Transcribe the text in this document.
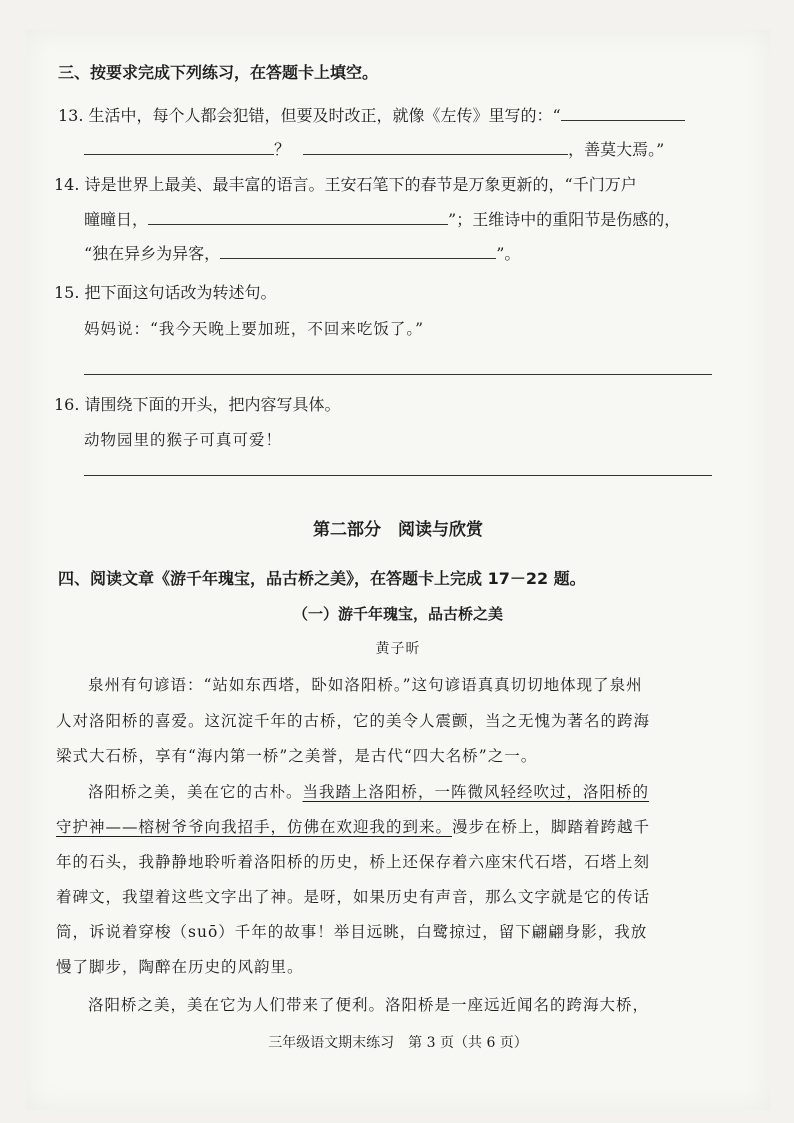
三、按要求完成下列练习，在答题卡上填空。
13. 生活中，每个人都会犯错，但要及时改正，就像《左传》里写的：“
？	，善莫大焉。”
14. 诗是世界上最美、最丰富的语言。王安石笔下的春节是万象更新的，“千门万户
曈曈日，	”；王维诗中的重阳节是伤感的，
“独在异乡为异客，	”。
15. 把下面这句话改为转述句。
妈妈说：“我今天晚上要加班，不回来吃饭了。”
16. 请围绕下面的开头，把内容写具体。
动物园里的猴子可真可爱！
第二部分　阅读与欣赏
四、阅读文章《游千年瑰宝，品古桥之美》，在答题卡上完成 17－22 题。
（一）游千年瑰宝，品古桥之美
黄子昕
泉州有句谚语：“站如东西塔，卧如洛阳桥。”这句谚语真真切切地体现了泉州
人对洛阳桥的喜爱。这沉淀千年的古桥，它的美令人震颤，当之无愧为著名的跨海
梁式大石桥，享有“海内第一桥”之美誉，是古代“四大名桥”之一。
洛阳桥之美，美在它的古朴。当我踏上洛阳桥，一阵微风轻经吹过，洛阳桥的
守护神——榕树爷爷向我招手，仿佛在欢迎我的到来。漫步在桥上，脚踏着跨越千
年的石头，我静静地聆听着洛阳桥的历史，桥上还保存着六座宋代石塔，石塔上刻
着碑文，我望着这些文字出了神。是呀，如果历史有声音，那么文字就是它的传话
筒，诉说着穿梭（suō）千年的故事！举目远眺，白鹭掠过，留下翩翩身影，我放
慢了脚步，陶醉在历史的风韵里。
洛阳桥之美，美在它为人们带来了便利。洛阳桥是一座远近闻名的跨海大桥，
三年级语文期末练习　第 3 页（共 6 页）
